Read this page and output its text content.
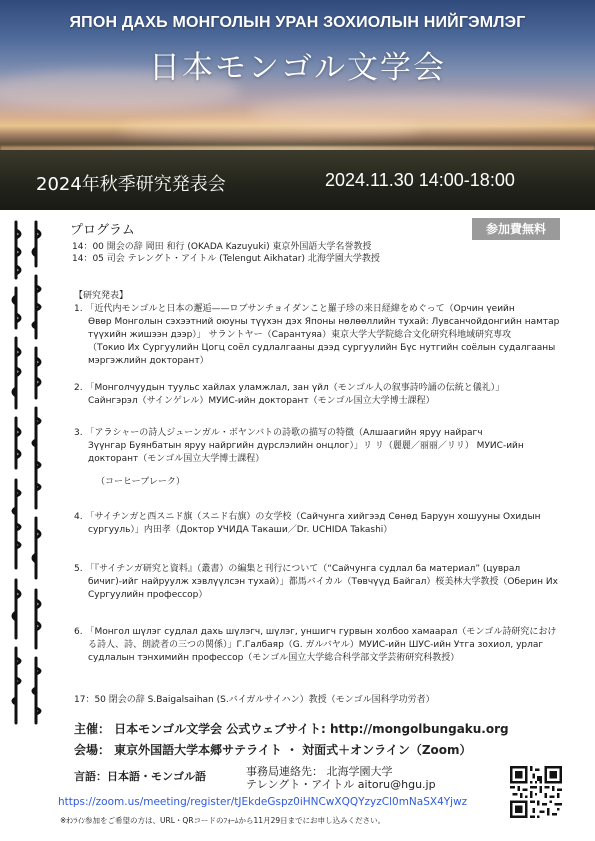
ЯПОН ДАХЬ МОНГОЛЫН УРАН ЗОХИОЛЫН НИЙГЭМЛЭГ
日本モンゴル文学会
2024年秋季研究発表会	2024.11.30 14:00-18:00
プログラム	参加費無料
14：00 開会の辞 岡田 和行 (OKADA Kazuyuki) 東京外国語大学名誉教授
14：05 司会 テレングト・アイトル (Telengut Aikhatar) 北海学園大学教授
【研究発表】
1. 「近代内モンゴルと日本の邂逅——ロブサンチョイダンこと羅子珍の来日経緯をめぐって（Орчин үеийн
Өвөр Монголын сэхээтний оюуны түүхэн дэх Японы нөлөөллийн тухай: Лувсанчойдонгийн намтар
түүхийн жишээн дээр）」 サラントヤー（Сарантуяа）東京大学大学院総合文化研究科地域研究専攻
（Токио Их Сургуулийн Цогц соёл судлалгааны дээд сургуулийн Бүс нутгийн соёлын судалгааны
мэргэжлийн докторант）
2. 「Монголчуудын туульс хайлах уламжлал, зан үйл（モンゴル人の叙事詩吟誦の伝統と儀礼）」
Сайнгэрэл（サインゲレル）МУИС-ийн докторант（モンゴル国立大学博士課程）
3. 「アラシャーの詩人ジューンガル・ボヤンバトの詩歌の描写の特徴（Алшаагийн яруу найрагч
Зүүнгар Буянбатын яруу найргийн дүрслэлийн онцлог）」リ リ（麗麗／丽丽／リリ） МУИС-ийн
докторант（モンゴル国立大学博士課程）
（コーヒーブレーク）
4. 「サイチンガと西スニド旗（スニド右旗）の女学校（Сайчунга хийгээд Сөнөд Баруун хошууны Охидын
сургууль）」内田孝（Доктор УЧИДА Такаши／Dr. UCHIDA Takashi）
5. 「『サイチンガ研究と資料』（叢書）の編集と刊行について（“Сайчунга судлал ба материал” (цуврал
бичиг)-ийг найруулж хэвлүүлсэн тухай）」都馬バイカル（Төвчүүд Байгал）桜美林大学教授（Оберин Их
Сургуулийн профессор）
6. 「Монгол шүлэг судлал дахь шүлэгч, шүлэг, уншигч гурвын холбоо хамаарал（モンゴル詩研究におけ
る詩人、詩、朗読者の三つの関係）」Г.Галбаяр（G. ガルバヤル）МУИС-ийн ШУС-ийн Утга зохиол, урлаг
судлалын тэнхимийн профессор（モンゴル国立大学総合科学部文学芸術研究科教授）
17：50 閉会の辞 S.Baigalsaihan (S.バイガルサイハン）教授（モンゴル国科学功労者）
主催： 日本モンゴル文学会 公式ウェブサイト: http://mongolbungaku.org
会場： 東京外国語大学本郷サテライト ・ 対面式＋オンライン（Zoom）
言語：日本語・モンゴル語	事務局連絡先： 北海学園大学
テレングト・アイトル aitoru@hgu.jp
https://zoom.us/meeting/register/tJEkdeGspz0iHNCwXQQYzyzCl0mNaSX4Yjwz
※ｵﾝﾗｲﾝ参加をご希望の方は、URL・QRコードのﾌｫｰﾑから11月29日までにお申し込みください。
